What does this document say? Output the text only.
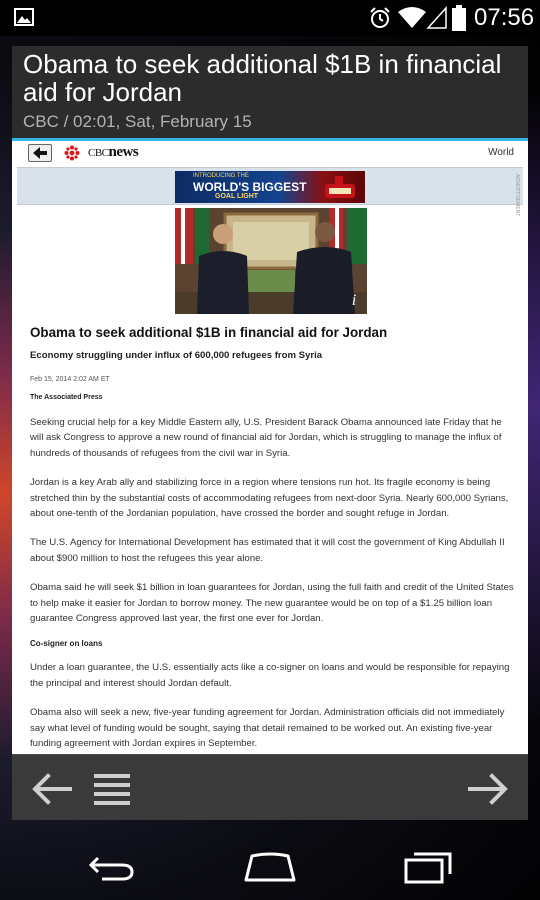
07:56
Obama to seek additional $1B in financial aid for Jordan
CBC / 02:01, Sat, February 15
CBCnews	World
INTRODUCING THE
WORLD'S BIGGEST
GOAL LIGHT	ADVERTISEMENT
i
Obama to seek additional $1B in financial aid for Jordan
Economy struggling under influx of 600,000 refugees from Syria
Feb 15, 2014 2:02 AM ET
The Associated Press

Seeking crucial help for a key Middle Eastern ally, U.S. President Barack Obama announced late Friday that he will ask Congress to approve a new round of financial aid for Jordan, which is struggling to manage the influx of hundreds of thousands of refugees from the civil war in Syria.

Jordan is a key Arab ally and stabilizing force in a region where tensions run hot. Its fragile economy is being stretched thin by the substantial costs of accommodating refugees from next-door Syria. Nearly 600,000 Syrians, about one-tenth of the Jordanian population, have crossed the border and sought refuge in Jordan.

The U.S. Agency for International Development has estimated that it will cost the government of King Abdullah II about $900 million to host the refugees this year alone.

Obama said he will seek $1 billion in loan guarantees for Jordan, using the full faith and credit of the United States to help make it easier for Jordan to borrow money. The new guarantee would be on top of a $1.25 billion loan guarantee Congress approved last year, the first one ever for Jordan.

Co-signer on loans

Under a loan guarantee, the U.S. essentially acts like a co-signer on loans and would be responsible for repaying the principal and interest should Jordan default.

Obama also will seek a new, five-year funding agreement for Jordan. Administration officials did not immediately say what level of funding would be sought, saying that detail remained to be worked out. An existing five-year funding agreement with Jordan expires in September.
